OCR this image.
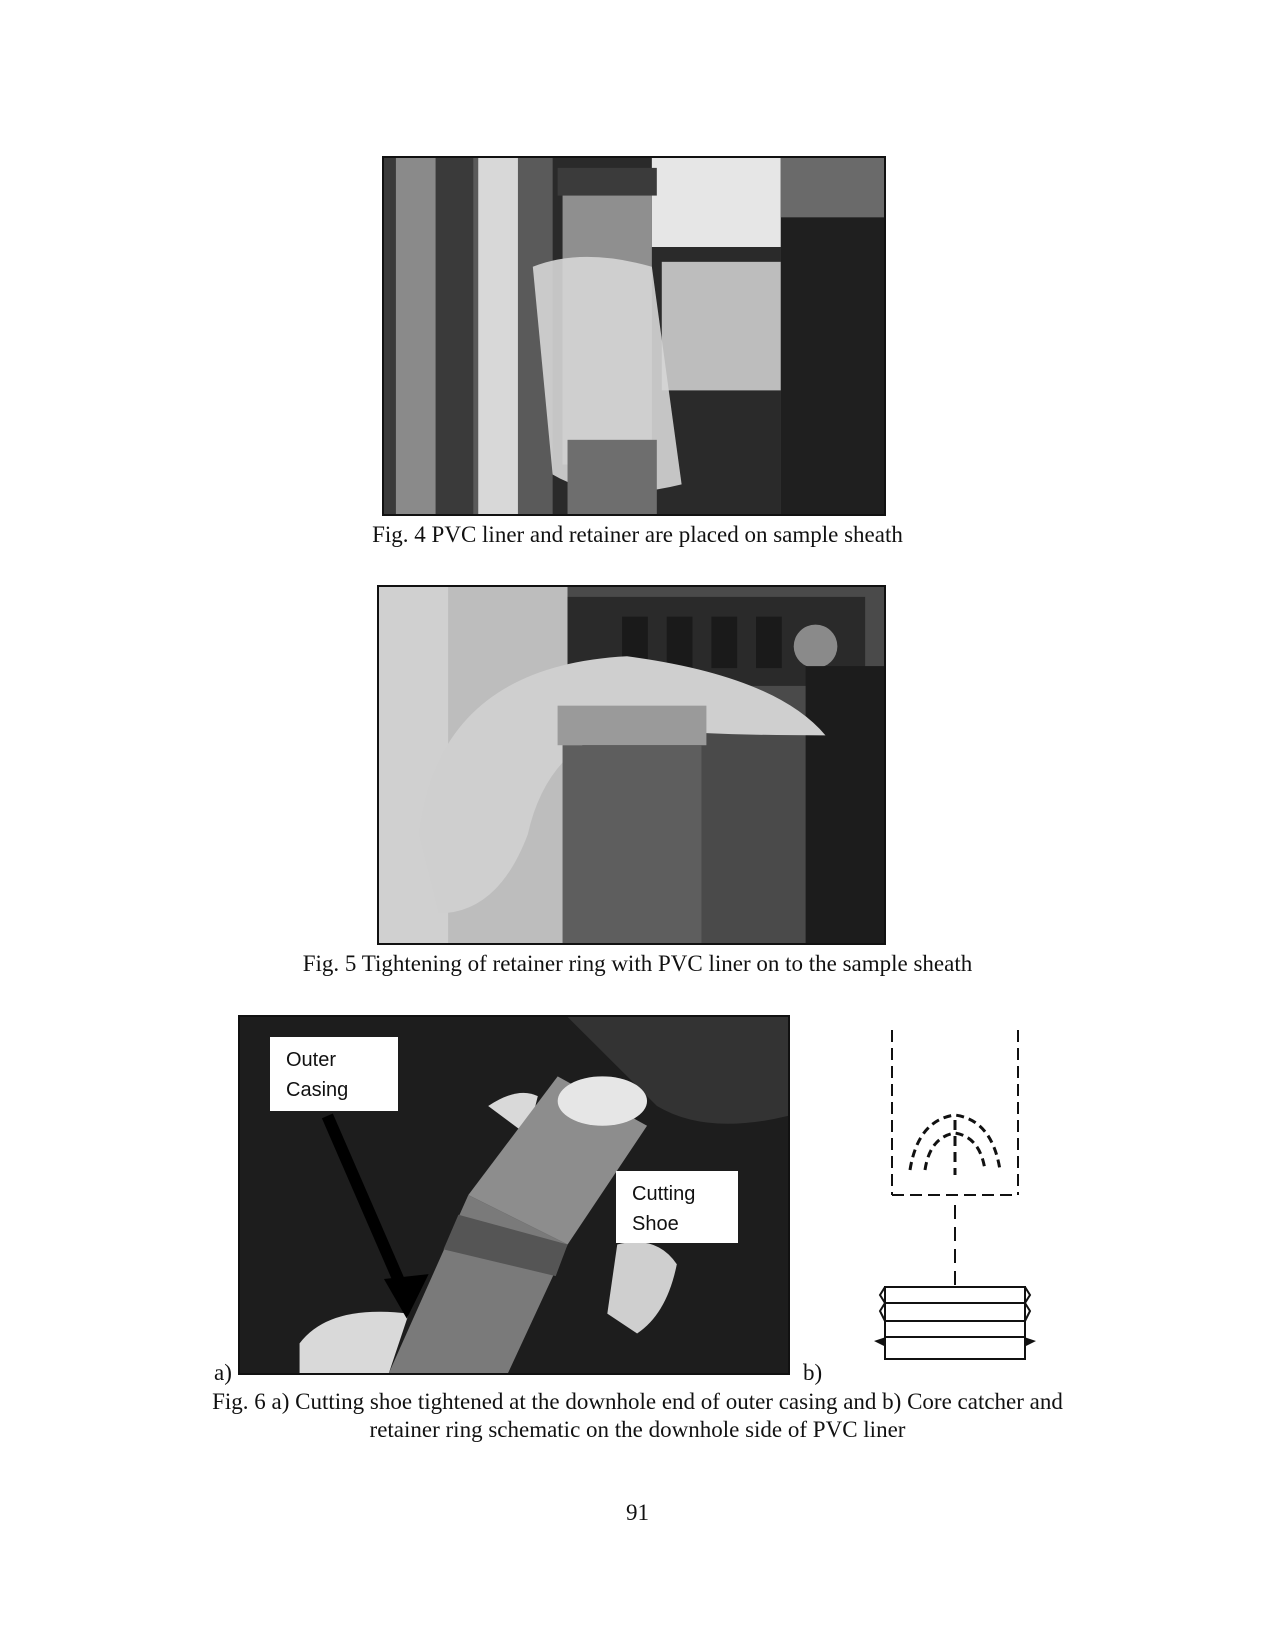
Fig. 4 PVC liner and retainer are placed on sample sheath
Fig. 5 Tightening of retainer ring with PVC liner on to the sample sheath
Outer
Casing
Cutting
Shoe
a)	b)
Fig. 6 a) Cutting shoe tightened at the downhole end of outer casing and b) Core catcher and
retainer ring schematic on the downhole side of PVC liner
91
